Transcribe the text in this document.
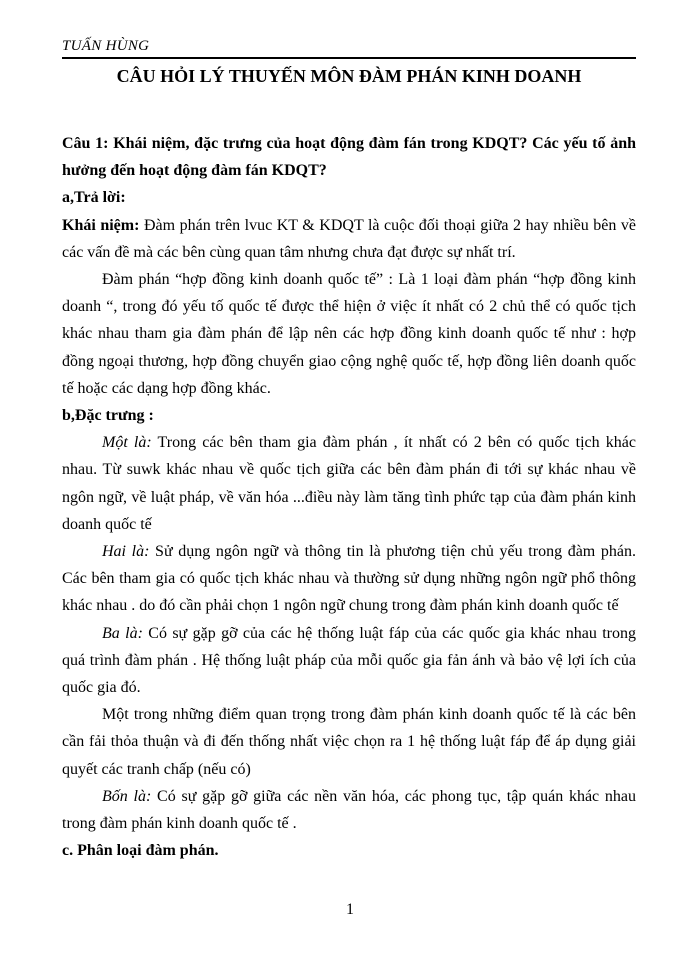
TUẤN HÙNG
CÂU HỎI LÝ THUYẾN MÔN ĐÀM PHÁN KINH DOANH

Câu 1: Khái niệm, đặc trưng của hoạt động đàm fán trong KDQT? Các yếu tố ảnh hưởng đến hoạt động đàm fán KDQT?

a,Trả lời:

Khái niệm: Đàm phán trên lvuc KT & KDQT là cuộc đối thoại giữa 2 hay nhiều bên về các vấn đề mà các bên cùng quan tâm nhưng chưa đạt được sự nhất trí.

Đàm phán “hợp đồng kinh doanh quốc tế” : Là 1 loại đàm phán “hợp đồng kinh doanh “, trong đó yếu tố quốc tế được thể hiện ở việc ít nhất có 2 chủ thể có quốc tịch khác nhau tham gia đàm phán để lập nên các hợp đồng kinh doanh quốc tế như : hợp đồng ngoại thương, hợp đồng chuyển giao cộng nghệ quốc tế, hợp đồng liên doanh quốc tế hoặc các dạng hợp đồng khác.

b,Đặc trưng :

Một là: Trong các bên tham gia đàm phán , ít nhất có 2 bên có quốc tịch khác nhau. Từ suwk khác nhau về quốc tịch giữa các bên đàm phán đi tới sự khác nhau về ngôn ngữ, về luật pháp, về văn hóa ...điều này làm tăng tình phức tạp của đàm phán kinh doanh quốc tế

Hai là: Sử dụng ngôn ngữ và thông tin là phương tiện chủ yếu trong đàm phán. Các bên tham gia có quốc tịch khác nhau và thường sử dụng những ngôn ngữ phổ thông khác nhau . do đó cần phải chọn 1 ngôn ngữ chung trong đàm phán kinh doanh quốc tế

Ba là: Có sự gặp gỡ của các hệ thống luật fáp của các quốc gia khác nhau trong quá trình đàm phán . Hệ thống luật pháp của mỗi quốc gia fản ánh và bảo vệ lợi ích của quốc gia đó.

Một trong những điểm quan trọng trong đàm phán kinh doanh quốc tế là các bên cần fải thỏa thuận và đi đến thống nhất việc chọn ra 1 hệ thống luật fáp để áp dụng giải quyết các tranh chấp (nếu có)

Bốn là: Có sự gặp gỡ giữa các nền văn hóa, các phong tục, tập quán khác nhau trong đàm phán kinh doanh quốc tế .

c. Phân loại đàm phán.

1
